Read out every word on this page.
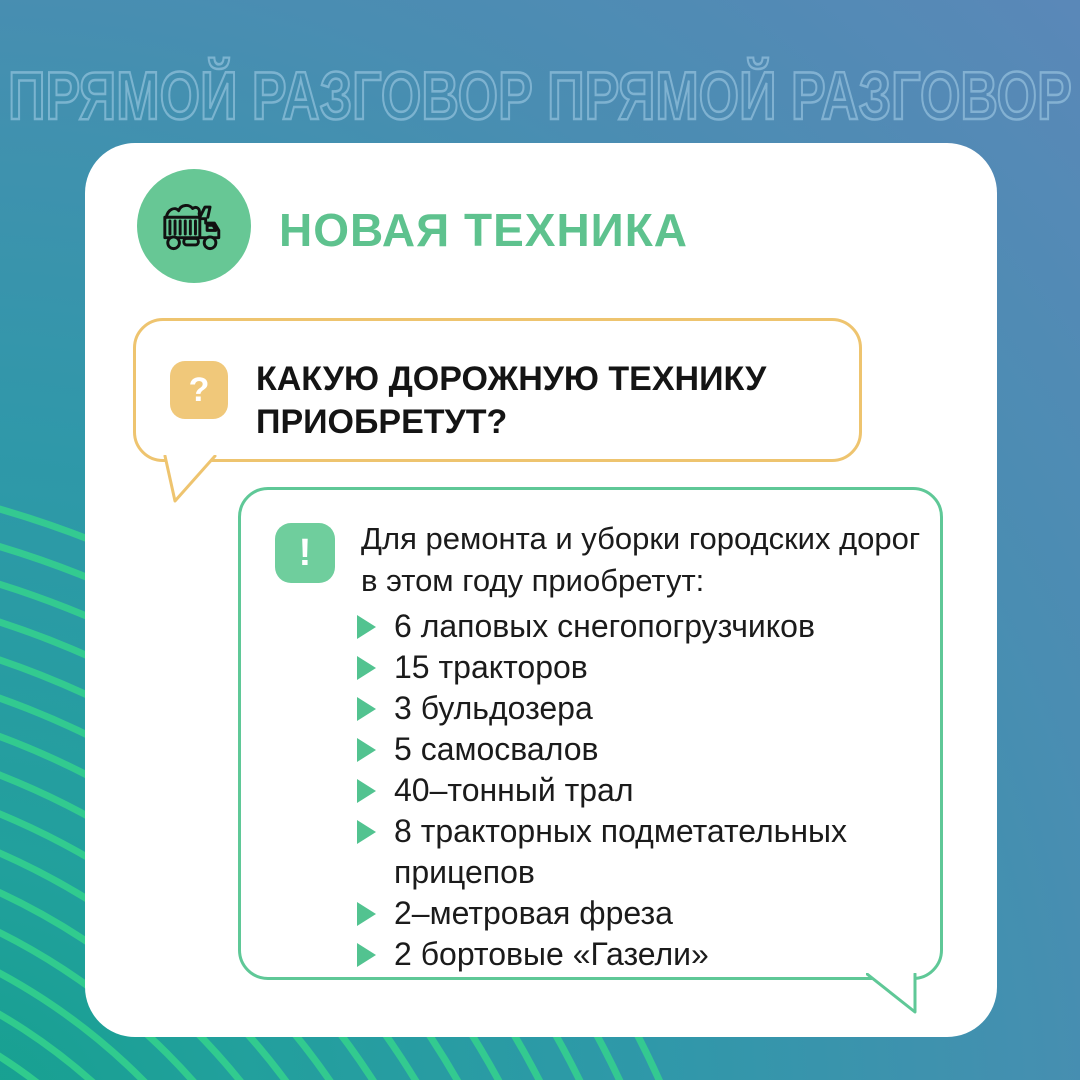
ПРЯМОЙ РАЗГОВОР ПРЯМОЙ РАЗГОВОР
НОВАЯ ТЕХНИКА
?	КАКУЮ ДОРОЖНУЮ ТЕХНИКУ ПРИОБРЕТУТ?
!	Для ремонта и уборки городских дорог
в этом году приобретут:
6 лаповых снегопогрузчиков
15 тракторов
3 бульдозера
5 самосвалов
40–тонный трал
8 тракторных подметательных прицепов
2–метровая фреза
2 бортовые «Газели»
